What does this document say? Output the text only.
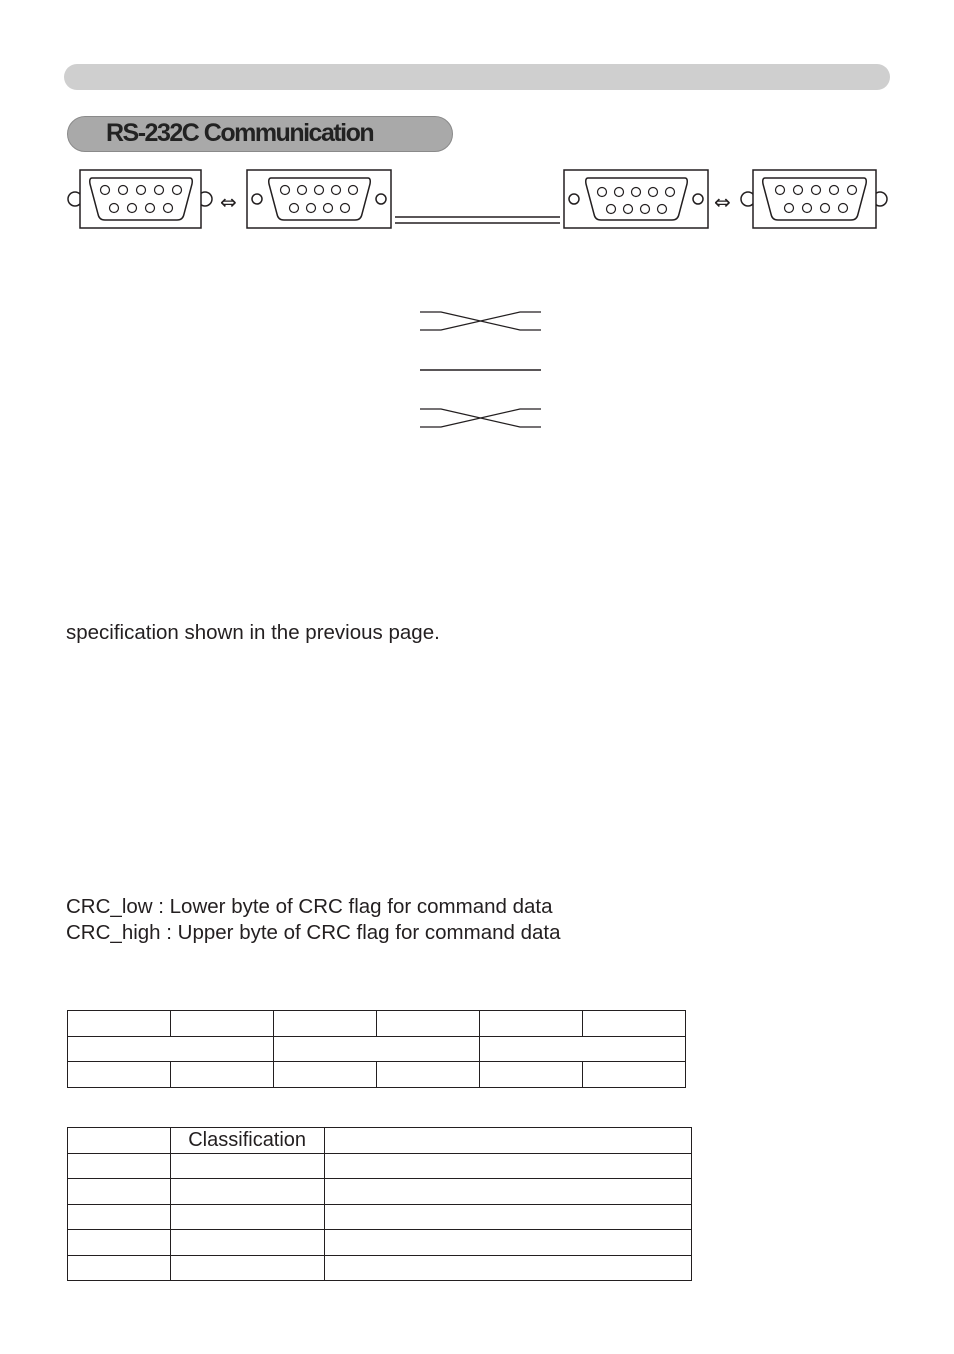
RS-232C Communication
⇔	⇔
specification shown in the previous page.
CRC_low : Lower byte of CRC flag for command data
CRC_high : Upper byte of CRC flag for command data

	Classification	
